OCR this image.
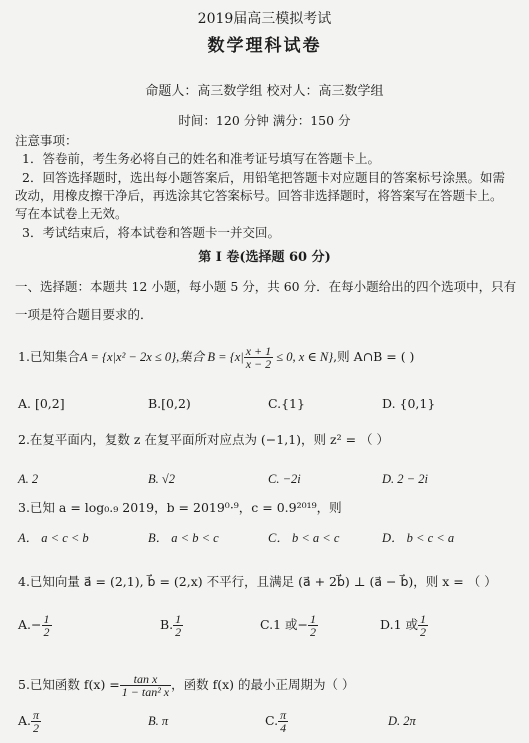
2019届高三模拟考试
数学理科试卷
命题人：高三数学组 校对人：高三数学组
时间：120 分钟 满分：150 分
注意事项：
1．答卷前，考生务必将自己的姓名和准考证号填写在答题卡上。
2．回答选择题时，选出每小题答案后，用铅笔把答题卡对应题目的答案标号涂黑。如需
改动，用橡皮擦干净后，再选涂其它答案标号。回答非选择题时，将答案写在答题卡上。
写在本试卷上无效。
3．考试结束后，将本试卷和答题卡一并交回。
第 I 卷(选择题 60 分)
一、选择题：本题共 12 小题，每小题 5 分，共 60 分．在每小题给出的四个选项中，只有
一项是符合题目要求的．
1.已知集合A = {x|x² − 2x ≤ 0},集合 $B = \{x| \frac{x + 1}{x - 2} \le 0$, x ∈ N},则 A∩B = ( )
A. [0,2]	B.[0,2)	C.{1}	D. {0,1}
2.在复平面内，复数 z 在复平面所对应点为 (−1,1)，则 z² = （ ）
A. 2	B. √2	C. −2i	D. 2 − 2i
3.已知 a = log₀.₉ 2019，b = 2019⁰·⁹，c = 0.9²⁰¹⁹，则
A． a < c < b	B． a < b < c	C． b < a < c	D． b < c < a
4.已知向量 a⃗ = (2,1), b⃗ = (2,x) 不平行，且满足 (a⃗ + 2b⃗) ⊥ (a⃗ − b⃗)，则 x = （ ）
$A.- \frac{1}{2}$	B. $\frac{1}{2}$	C.1 或− $\frac{1}{2}$	D.1 或 $\frac{1}{2}$
5.已知函数 $f(x) = \frac{\text{tan x}}{\text{1 − tan² x}}$ ，函数 f(x) 的最小正周期为（ ）
A. $\frac{\pi}{2}$	B. π	C. $\frac{\pi}{4}$	D. 2π
